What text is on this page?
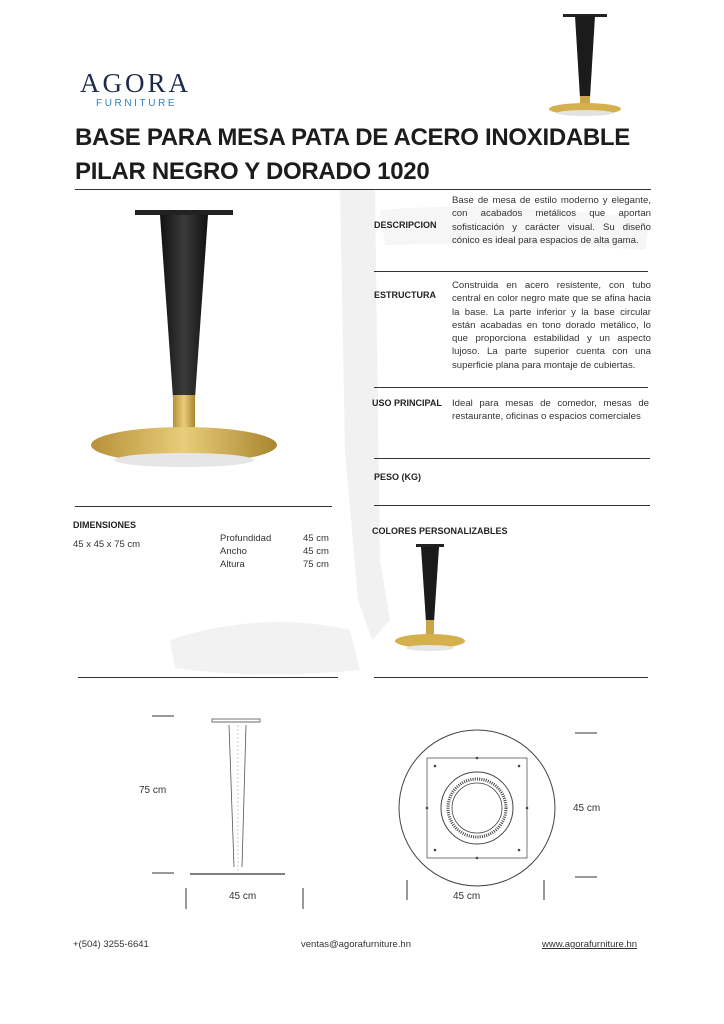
AGORA
FURNITURE
BASE PARA MESA PATA DE ACERO INOXIDABLE
PILAR NEGRO Y DORADO 1020
DESCRIPCION
Base de mesa de estilo moderno y elegante, con acabados metálicos que aportan sofisticación y carácter visual. Su diseño cónico es ideal para espacios de alta gama.
ESTRUCTURA
Construida en acero resistente, con tubo central en color negro mate que se afina hacia la base. La parte inferior y la base circular están acabadas en tono dorado metálico, lo que proporciona estabilidad y un aspecto lujoso. La parte superior cuenta con una superficie plana para montaje de cubiertas.
USO PRINCIPAL Ideal para mesas de comedor, mesas de restaurante, oficinas o espacios comerciales
PESO (KG)
DIMENSIONES
45 x 45 x 75 cm
Profundidad	45 cm
Ancho	45 cm
Altura	75 cm
COLORES PERSONALIZABLES
75 cm
45 cm
45 cm
45 cm
+(504) 3255-6641	ventas@agorafurniture.hn	www.agorafurniture.hn
